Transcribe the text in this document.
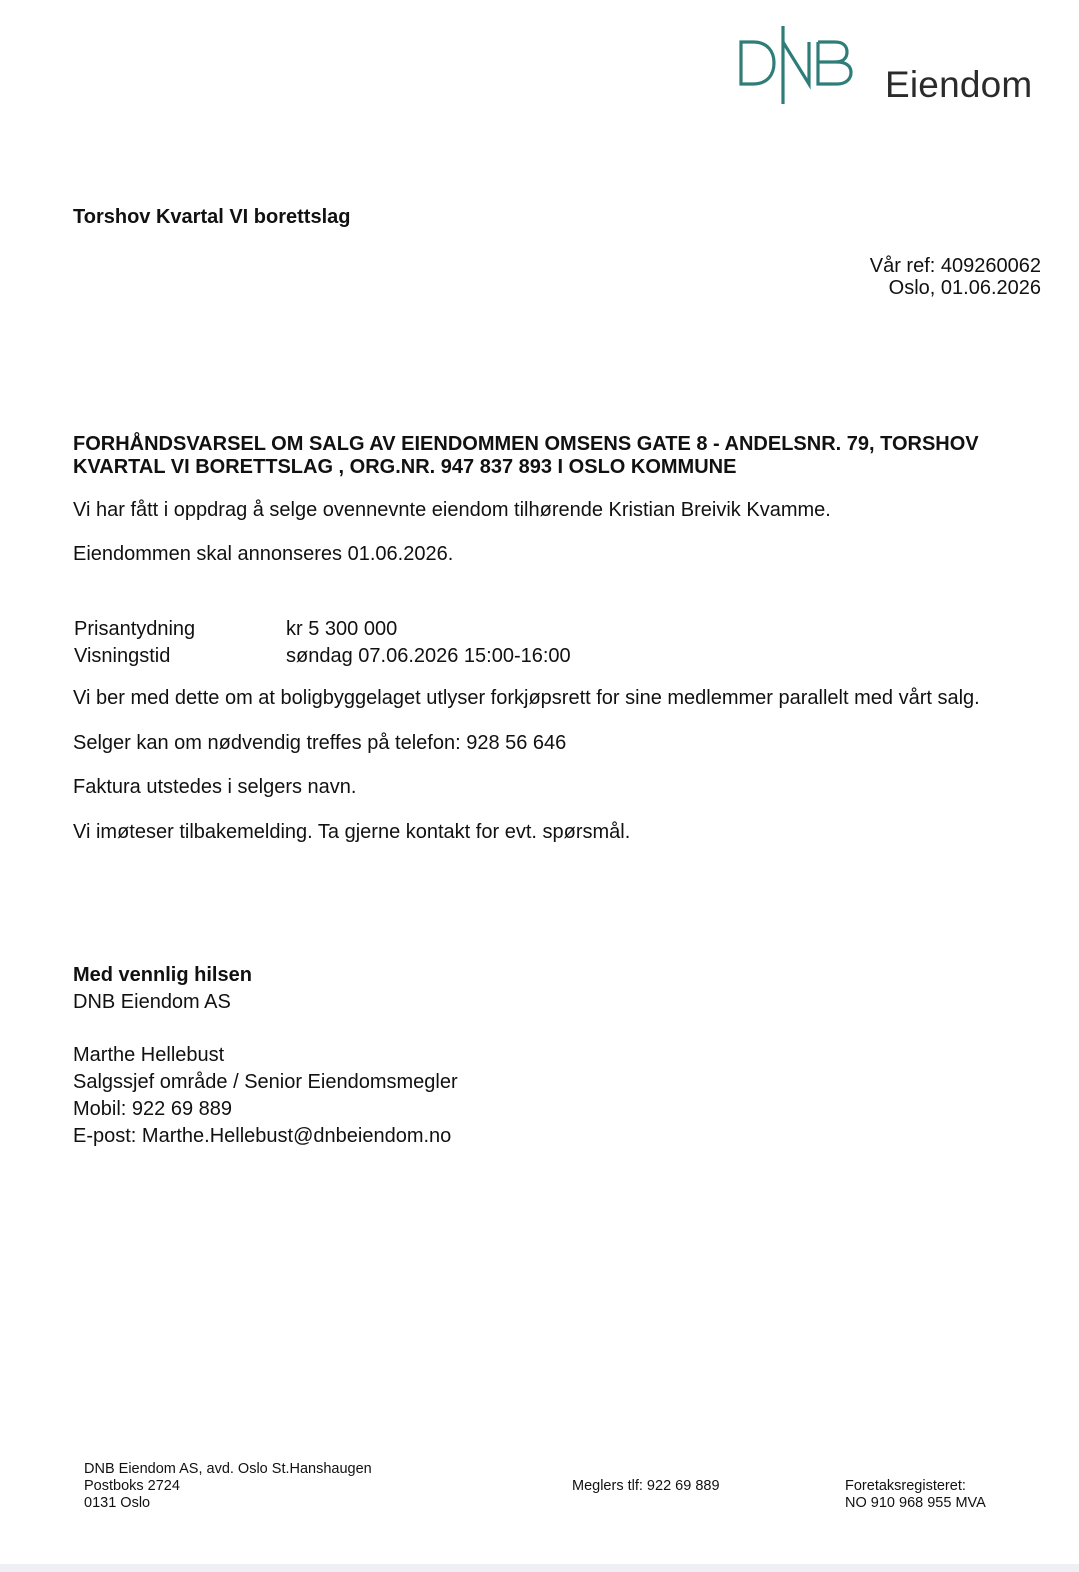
Eiendom
Torshov Kvartal VI borettslag
Vår ref: 409260062
Oslo, 01.06.2026
FORHÅNDSVARSEL OM SALG AV EIENDOMMEN OMSENS GATE 8 - ANDELSNR. 79, TORSHOV KVARTAL VI BORETTSLAG , ORG.NR. 947 837 893 I OSLO KOMMUNE
Vi har fått i oppdrag å selge ovennevnte eiendom tilhørende Kristian Breivik Kvamme.
Eiendommen skal annonseres 01.06.2026.
Prisantydning	kr 5 300 000
Visningstid	søndag 07.06.2026 15:00-16:00
Vi ber med dette om at boligbyggelaget utlyser forkjøpsrett for sine medlemmer parallelt med vårt salg.
Selger kan om nødvendig treffes på telefon: 928 56 646
Faktura utstedes i selgers navn.
Vi imøteser tilbakemelding. Ta gjerne kontakt for evt. spørsmål.
Med vennlig hilsen
DNB Eiendom AS
Marthe Hellebust
Salgssjef område / Senior Eiendomsmegler
Mobil: 922 69 889
E-post: Marthe.Hellebust@dnbeiendom.no
DNB Eiendom AS, avd. Oslo St.Hanshaugen
Postboks 2724
0131 Oslo
Meglers tlf: 922 69 889	Foretaksregisteret:
NO 910 968 955 MVA
